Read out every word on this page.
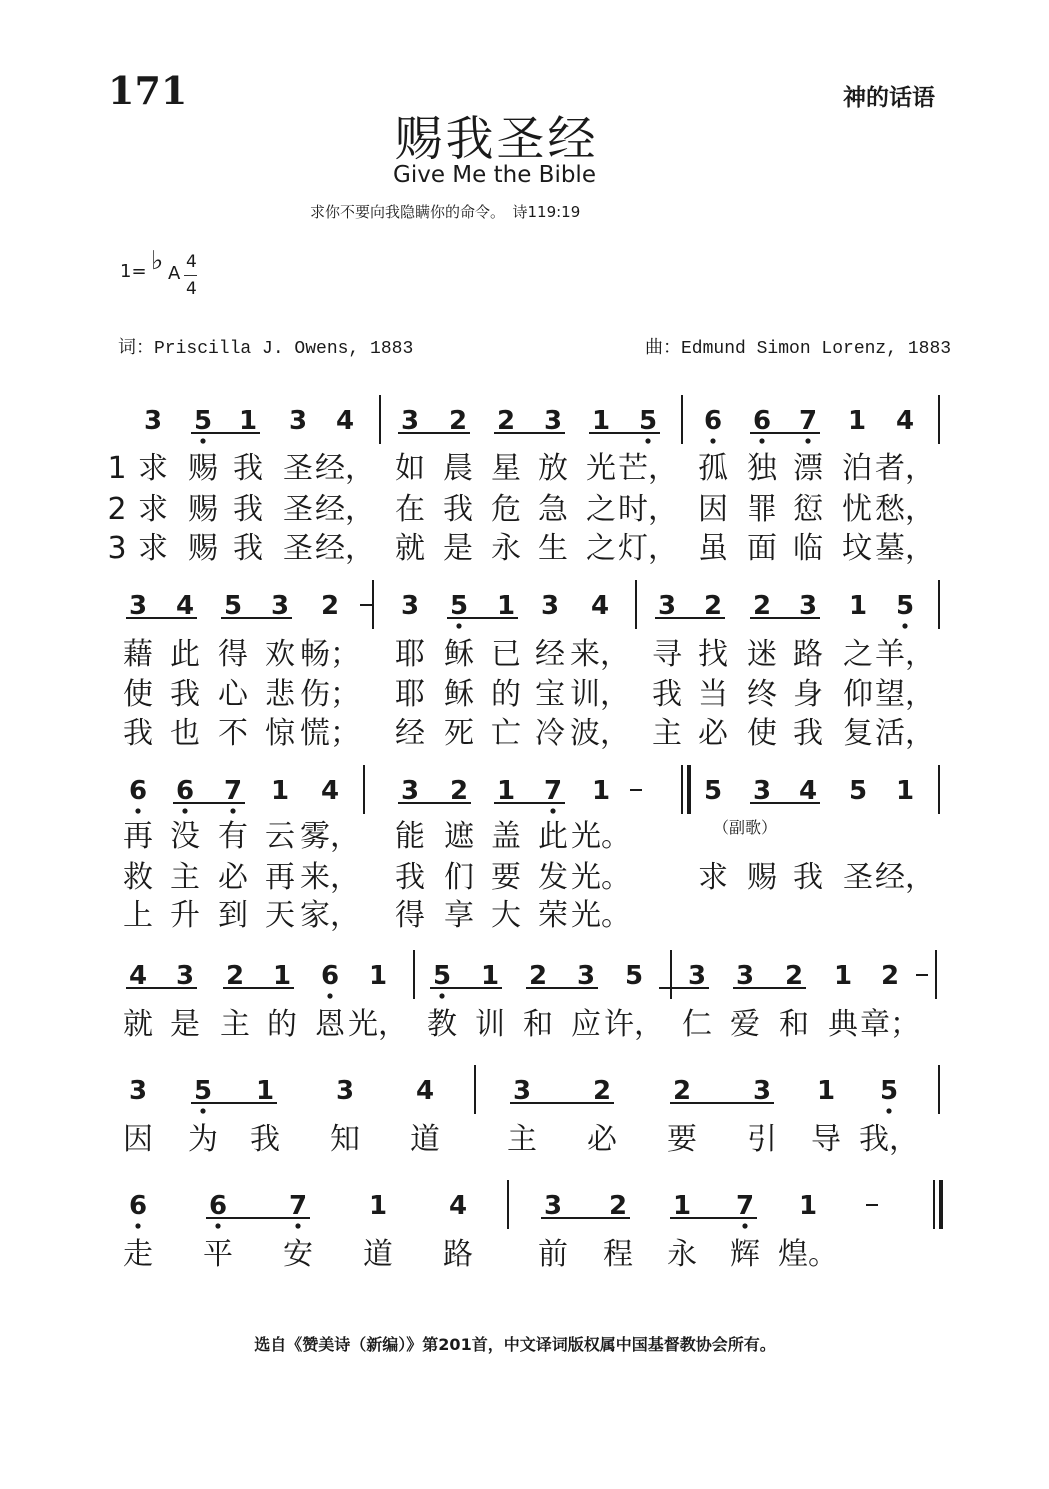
171	神的话语
赐我圣经
Give Me the Bible
求你不要向我隐瞒你的命令。　诗119:19
1= ♭ A
4
4
词：Priscilla J. Owens, 1883	曲：Edmund Simon Lorenz, 1883
3 5 1 3 4 3 2 2 3 1 5 6 6 7 1 4
1 求 赐 我 圣 经， 如 晨 星 放 光 芒， 孤 独 漂 泊 者，
2 求 赐 我 圣 经， 在 我 危 急 之 时， 因 罪 愆 忧 愁，
3 求 赐 我 圣 经， 就 是 永 生 之 灯， 虽 面 临 坟 墓，
3 4 5 3 2 3 5 1 3 4 3 2 2 3 1 5
藉 此 得 欢 畅； 耶 稣 已 经 来， 寻 找 迷 路 之 羊，
使 我 心 悲 伤； 耶 稣 的 宝 训， 我 当 终 身 仰 望，
我 也 不 惊 慌； 经 死 亡 冷 波， 主 必 使 我 复 活，
6 6 7 1 4 3 2 1 7 1	5 3 4 5 1
再 没 有 云 雾， 能 遮 盖 此 光。
救 主 必 再 来， 我 们 要 发 光。 求 赐 我 圣 经，
上 升 到 天 家， 得 享 大 荣 光。
（副歌）
4 3 2 1 6 1 5 1 2 3 5 3 3 2 1 2
就 是 主 的 恩 光， 教 训 和 应 许， 仁 爱 和 典 章；
3 5 1 3 4	3 2 2 3 1 5
因 为 我 知 道 主 必 要 引 导 我，
6 6 7 1 4	3 2 1 7 1
走 平 安 道 路 前 程 永 辉 煌。
选自《赞美诗（新编）》第201首，中文译词版权属中国基督教协会所有。
